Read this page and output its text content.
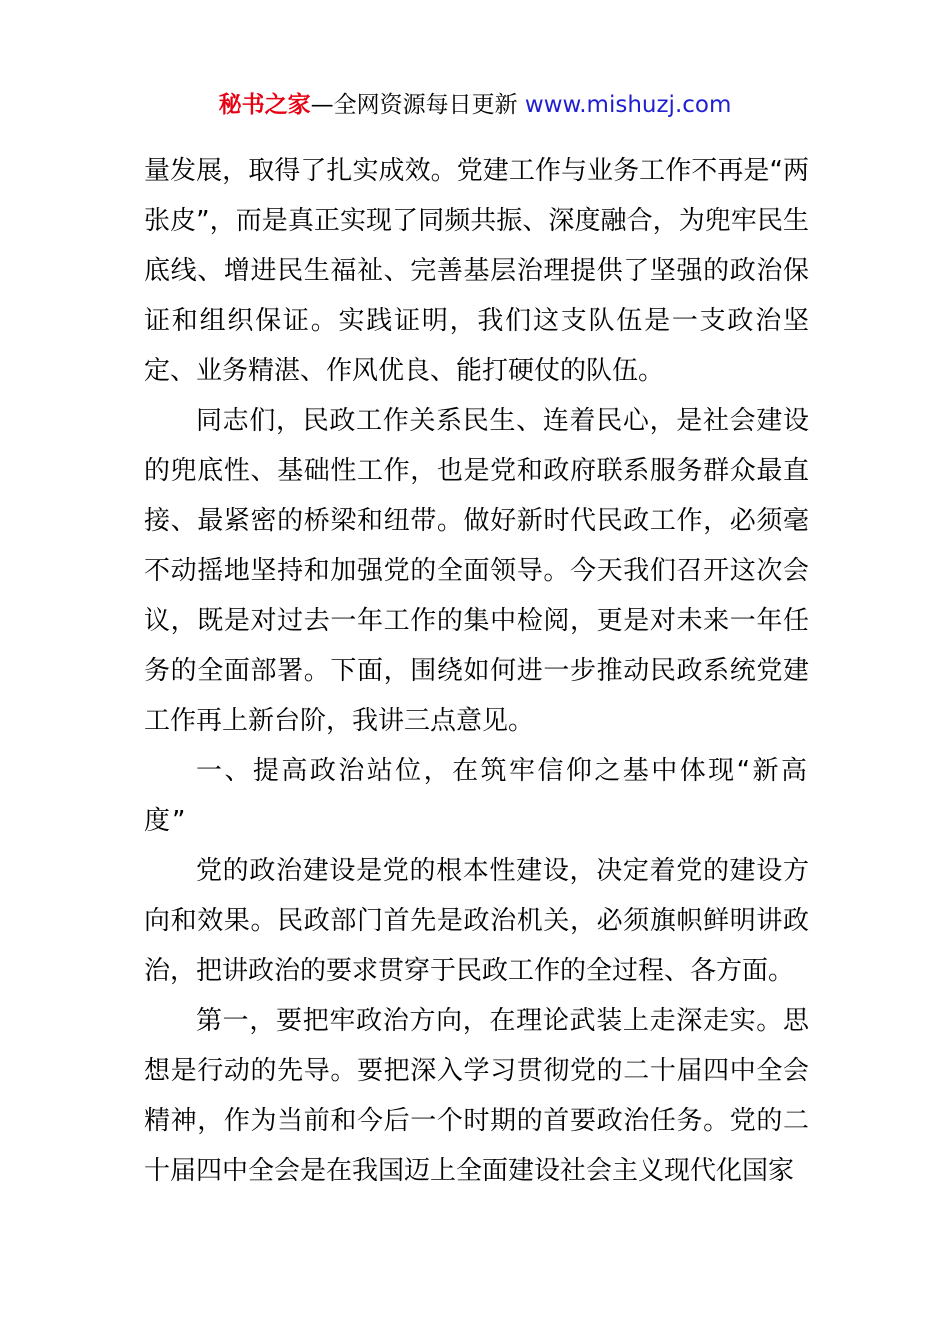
秘书之家—全网资源每日更新 www.mishuzj.com

量发展，取得了扎实成效。党建工作与业务工作不再是“两张皮”，而是真正实现了同频共振、深度融合，为兜牢民生底线、增进民生福祉、完善基层治理提供了坚强的政治保证和组织保证。实践证明，我们这支队伍是一支政治坚定、业务精湛、作风优良、能打硬仗的队伍。

同志们，民政工作关系民生、连着民心，是社会建设的兜底性、基础性工作，也是党和政府联系服务群众最直接、最紧密的桥梁和纽带。做好新时代民政工作，必须毫不动摇地坚持和加强党的全面领导。今天我们召开这次会议，既是对过去一年工作的集中检阅，更是对未来一年任务的全面部署。下面，围绕如何进一步推动民政系统党建工作再上新台阶，我讲三点意见。

一、提高政治站位，在筑牢信仰之基中体现“新高度”

党的政治建设是党的根本性建设，决定着党的建设方向和效果。民政部门首先是政治机关，必须旗帜鲜明讲政治，把讲政治的要求贯穿于民政工作的全过程、各方面。

第一，要把牢政治方向，在理论武装上走深走实。思想是行动的先导。要把深入学习贯彻党的二十届四中全会精神，作为当前和今后一个时期的首要政治任务。党的二十届四中全会是在我国迈上全面建设社会主义现代化国家
